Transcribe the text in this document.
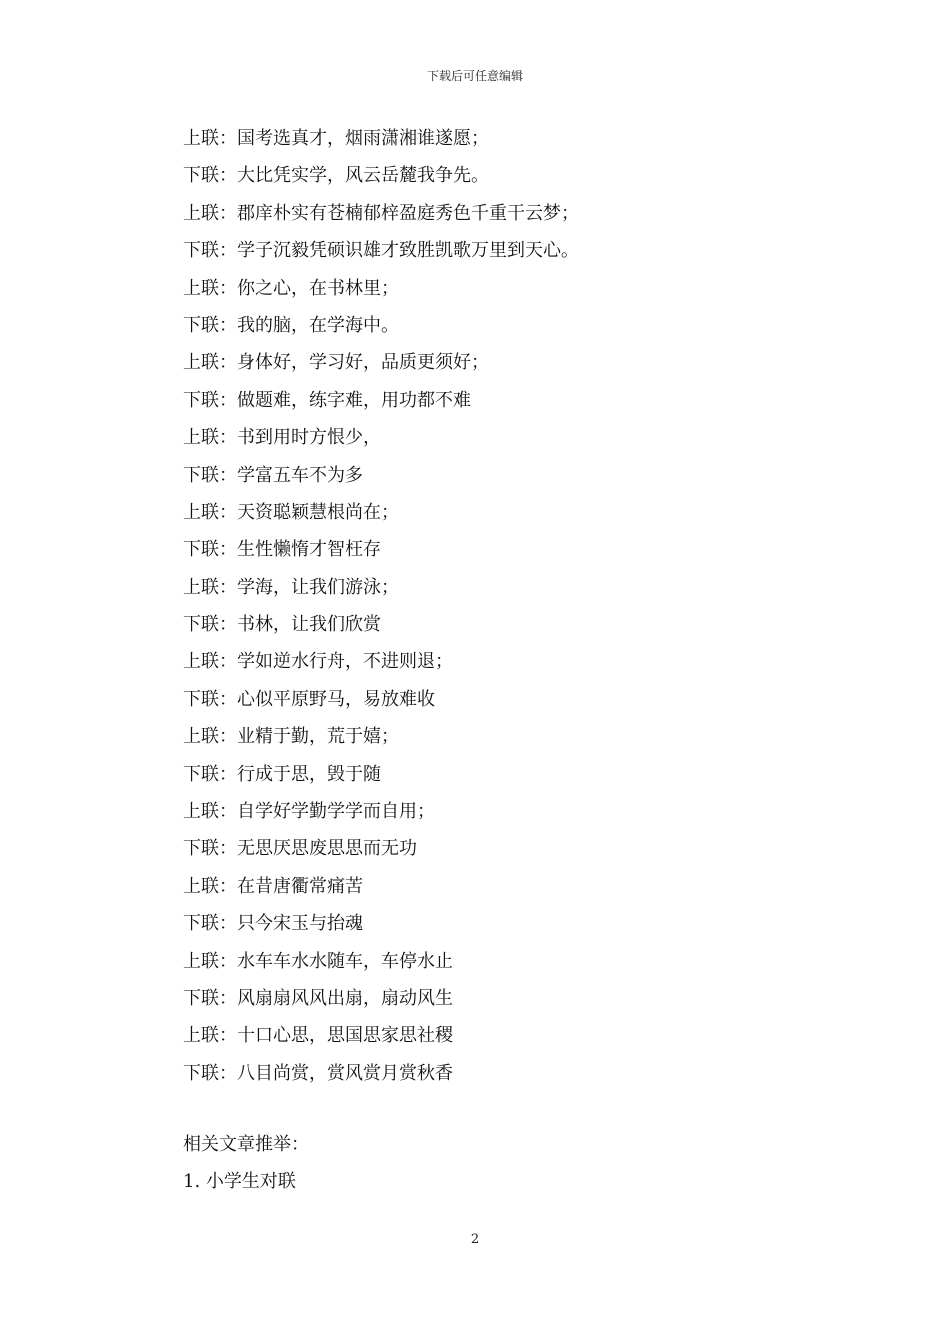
下载后可任意编辑
上联：国考选真才，烟雨潇湘谁遂愿；
下联：大比凭实学，风云岳麓我争先。
上联：郡庠朴实有苍楠郁梓盈庭秀色千重干云梦；
下联：学子沉毅凭硕识雄才致胜凯歌万里到天心。
上联：你之心，在书林里；
下联：我的脑，在学海中。
上联：身体好，学习好，品质更须好；
下联：做题难，练字难，用功都不难
上联：书到用时方恨少，
下联：学富五车不为多
上联：天资聪颖慧根尚在；
下联：生性懒惰才智枉存
上联：学海，让我们游泳；
下联：书林，让我们欣赏
上联：学如逆水行舟，不进则退；
下联：心似平原野马，易放难收
上联：业精于勤，荒于嬉；
下联：行成于思，毁于随
上联：自学好学勤学学而自用；
下联：无思厌思废思思而无功
上联：在昔唐衢常痛苦
下联：只今宋玉与抬魂
上联：水车车水水随车，车停水止
下联：风扇扇风风出扇，扇动风生
上联：十口心思，思国思家思社稷
下联：八目尚赏，赏风赏月赏秋香
相关文章推举：
1. 小学生对联
2
